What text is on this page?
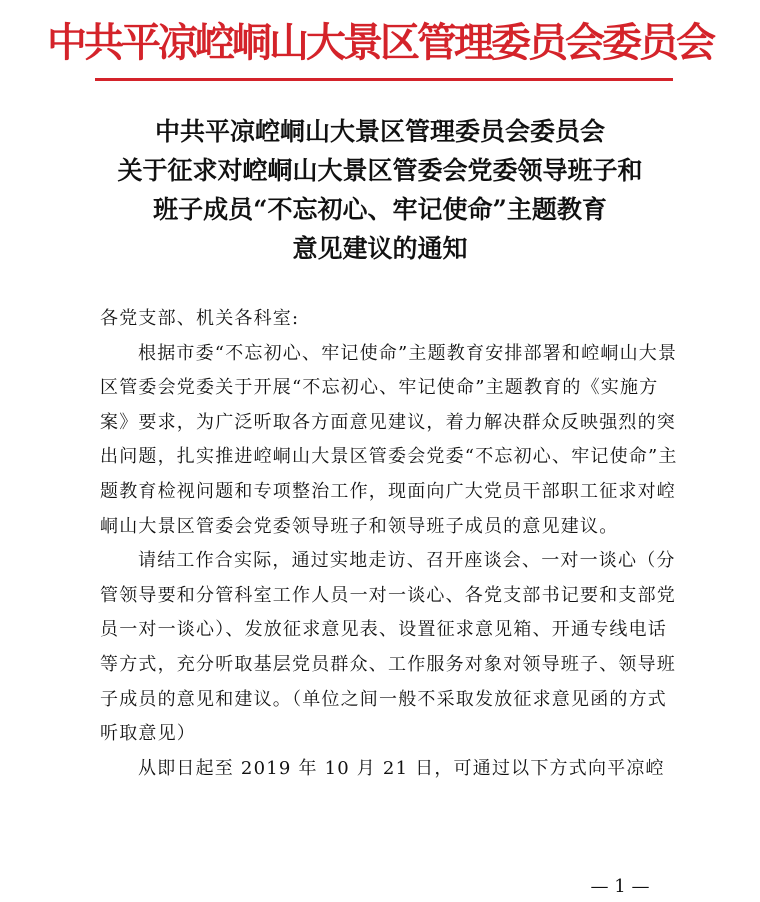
中共平凉崆峒山大景区管理委员会委员会
中共平凉崆峒山大景区管理委员会委员会
关于征求对崆峒山大景区管委会党委领导班子和
班子成员“不忘初心、牢记使命”主题教育
意见建议的通知

各党支部、机关各科室:

根据市委“不忘初心、牢记使命”主题教育安排部署和崆峒山大景区管委会党委关于开展“不忘初心、牢记使命”主题教育的《实施方案》要求，为广泛听取各方面意见建议，着力解决群众反映强烈的突出问题，扎实推进崆峒山大景区管委会党委“不忘初心、牢记使命”主题教育检视问题和专项整治工作，现面向广大党员干部职工征求对崆峒山大景区管委会党委领导班子和领导班子成员的意见建议。

请结工作合实际，通过实地走访、召开座谈会、一对一谈心（分管领导要和分管科室工作人员一对一谈心、各党支部书记要和支部党员一对一谈心）、发放征求意见表、设置征求意见箱、开通专线电话等方式，充分听取基层党员群众、工作服务对象对领导班子、领导班子成员的意见和建议。（单位之间一般不采取发放征求意见函的方式听取意见）

从即日起至 2019 年 10 月 21 日，可通过以下方式向平凉崆

— 1 —
